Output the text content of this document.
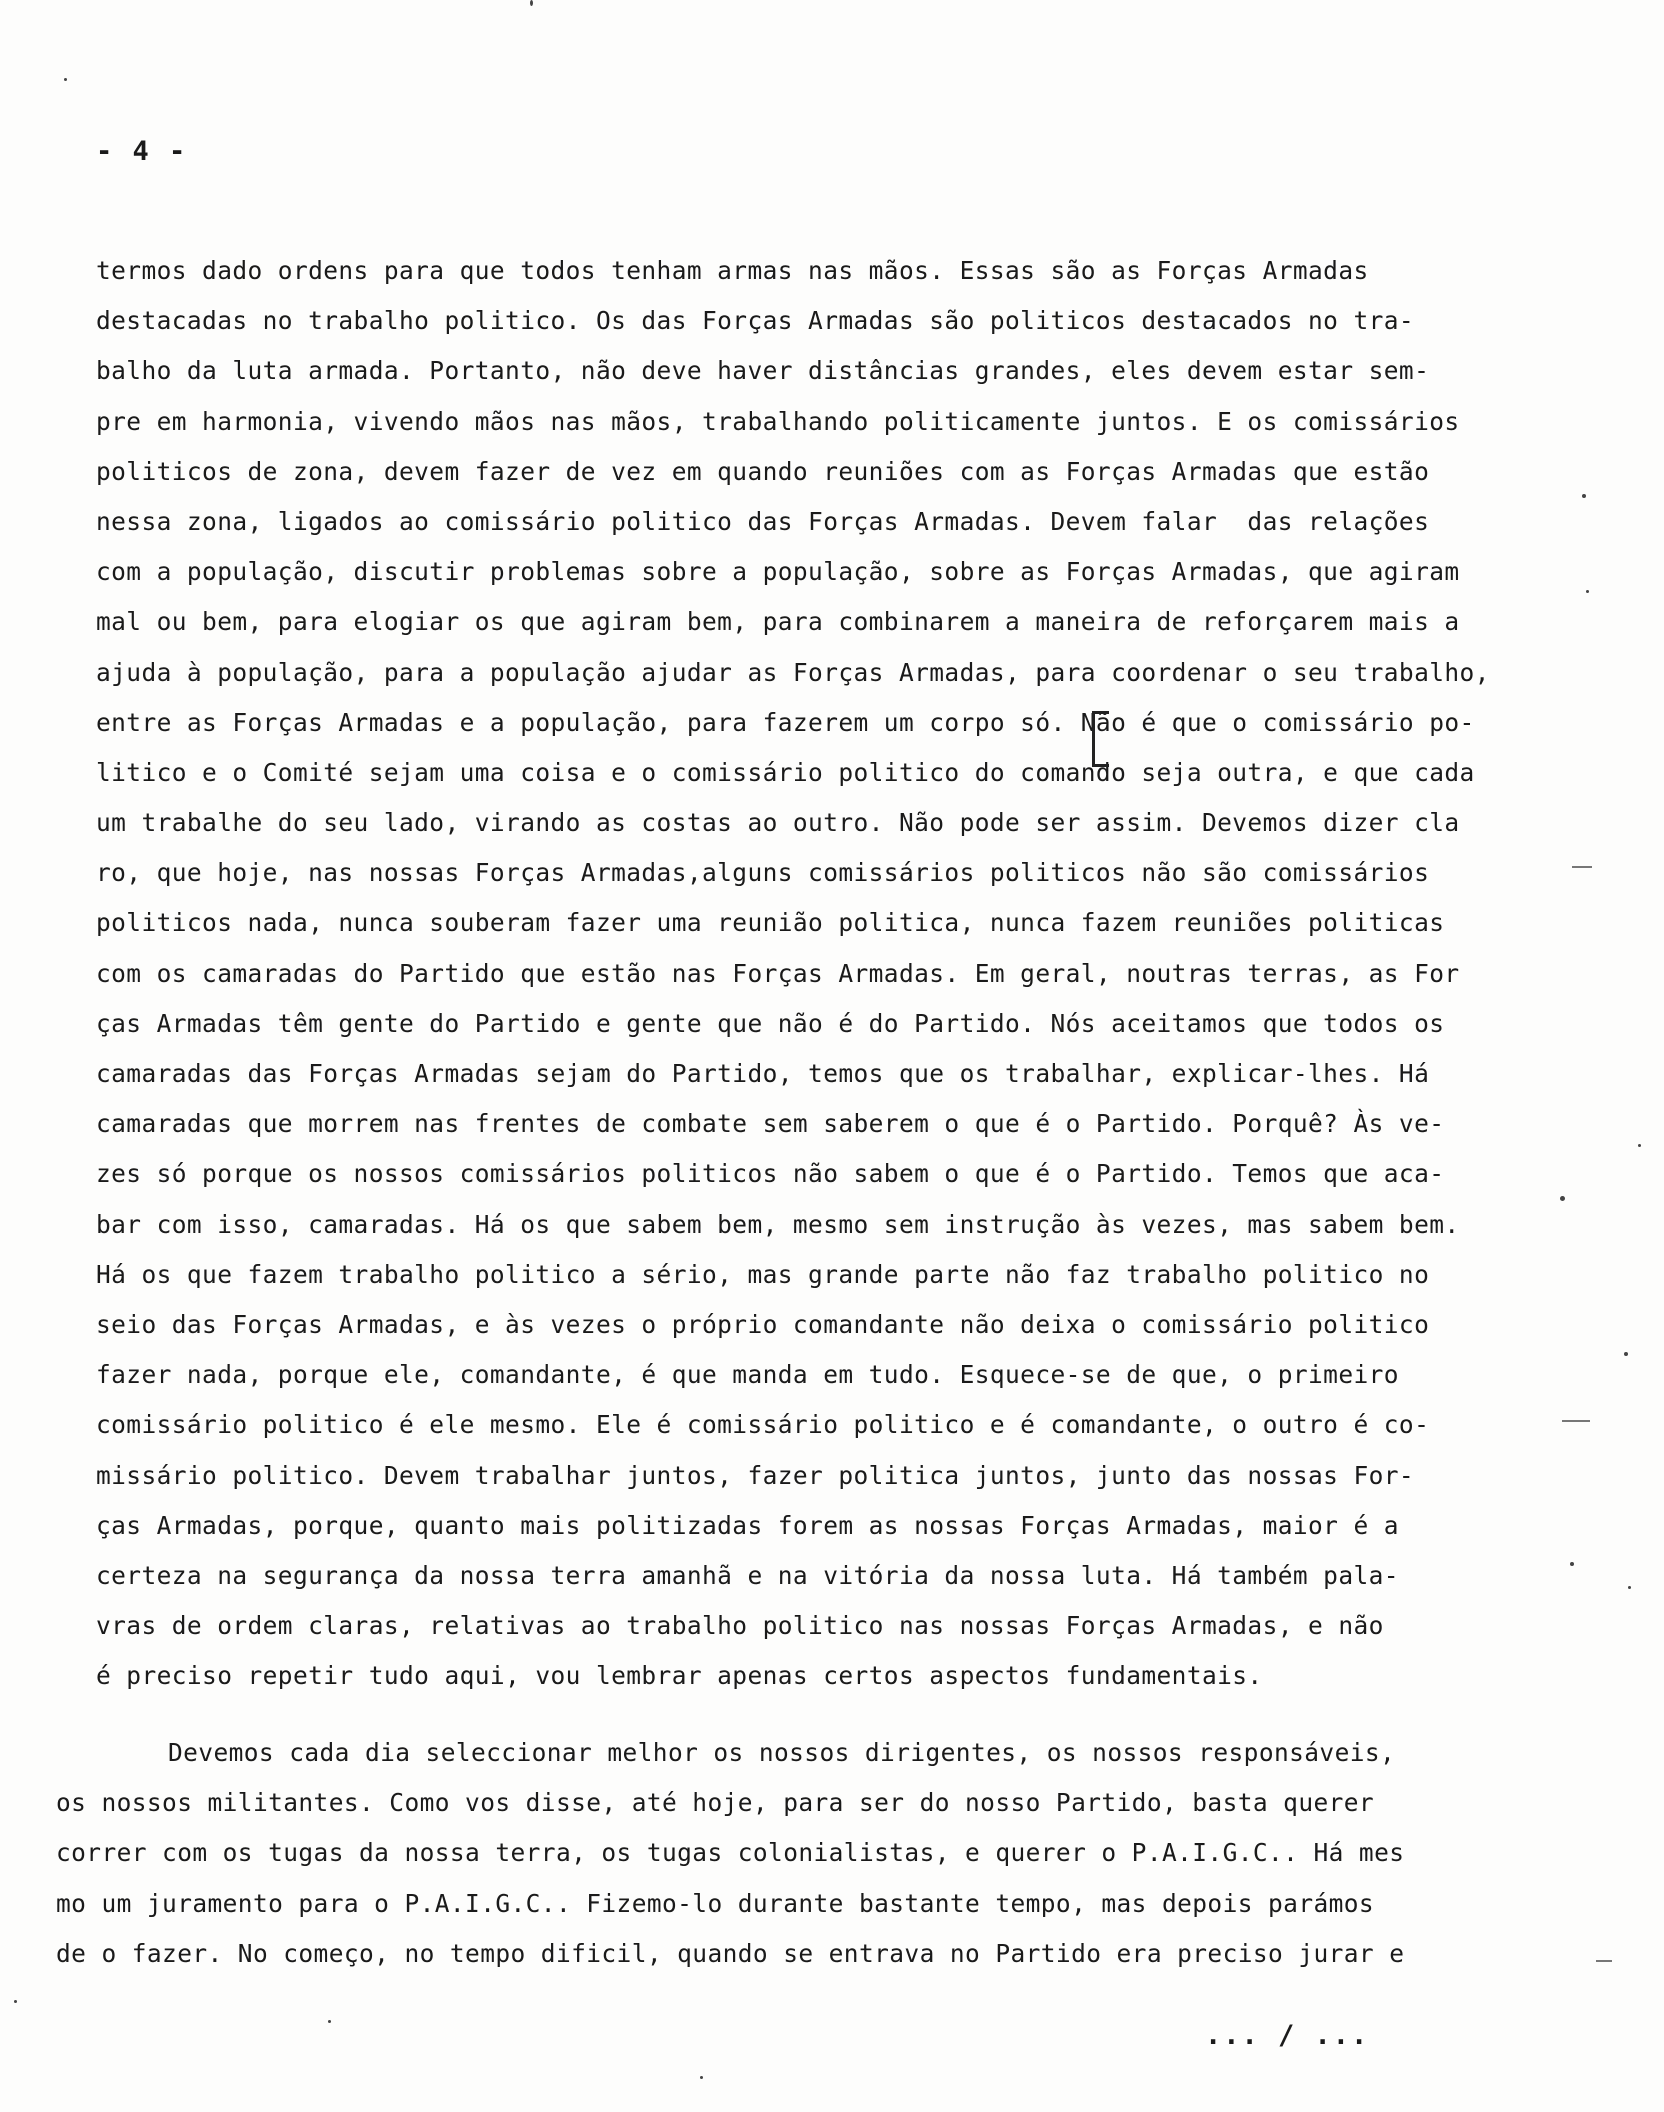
- 4 -
termos dado ordens para que todos tenham armas nas mãos. Essas são as Forças Armadas
destacadas no trabalho politico. Os das Forças Armadas são politicos destacados no tra-
balho da luta armada. Portanto, não deve haver distâncias grandes, eles devem estar sem-
pre em harmonia, vivendo mãos nas mãos, trabalhando politicamente juntos. E os comissários
politicos de zona, devem fazer de vez em quando reuniões com as Forças Armadas que estão
nessa zona, ligados ao comissário politico das Forças Armadas. Devem falar  das relações
com a população, discutir problemas sobre a população, sobre as Forças Armadas, que agiram
mal ou bem, para elogiar os que agiram bem, para combinarem a maneira de reforçarem mais a
ajuda à população, para a população ajudar as Forças Armadas, para coordenar o seu trabalho,
entre as Forças Armadas e a população, para fazerem um corpo só. Não é que o comissário po-
litico e o Comité sejam uma coisa e o comissário politico do comando seja outra, e que cada
um trabalhe do seu lado, virando as costas ao outro. Não pode ser assim. Devemos dizer cla
ro, que hoje, nas nossas Forças Armadas,alguns comissários politicos não são comissários
politicos nada, nunca souberam fazer uma reunião politica, nunca fazem reuniões politicas
com os camaradas do Partido que estão nas Forças Armadas. Em geral, noutras terras, as For
ças Armadas têm gente do Partido e gente que não é do Partido. Nós aceitamos que todos os
camaradas das Forças Armadas sejam do Partido, temos que os trabalhar, explicar-lhes. Há
camaradas que morrem nas frentes de combate sem saberem o que é o Partido. Porquê? Às ve-
zes só porque os nossos comissários politicos não sabem o que é o Partido. Temos que aca-
bar com isso, camaradas. Há os que sabem bem, mesmo sem instrução às vezes, mas sabem bem.
Há os que fazem trabalho politico a sério, mas grande parte não faz trabalho politico no
seio das Forças Armadas, e às vezes o próprio comandante não deixa o comissário politico
fazer nada, porque ele, comandante, é que manda em tudo. Esquece-se de que, o primeiro
comissário politico é ele mesmo. Ele é comissário politico e é comandante, o outro é co-
missário politico. Devem trabalhar juntos, fazer politica juntos, junto das nossas For-
ças Armadas, porque, quanto mais politizadas forem as nossas Forças Armadas, maior é a
certeza na segurança da nossa terra amanhã e na vitória da nossa luta. Há também pala-
vras de ordem claras, relativas ao trabalho politico nas nossas Forças Armadas, e não
é preciso repetir tudo aqui, vou lembrar apenas certos aspectos fundamentais.
Devemos cada dia seleccionar melhor os nossos dirigentes, os nossos responsáveis,
os nossos militantes. Como vos disse, até hoje, para ser do nosso Partido, basta querer
correr com os tugas da nossa terra, os tugas colonialistas, e querer o P.A.I.G.C.. Há mes
mo um juramento para o P.A.I.G.C.. Fizemo-lo durante bastante tempo, mas depois parámos
de o fazer. No começo, no tempo dificil, quando se entrava no Partido era preciso jurar e
... / ...
